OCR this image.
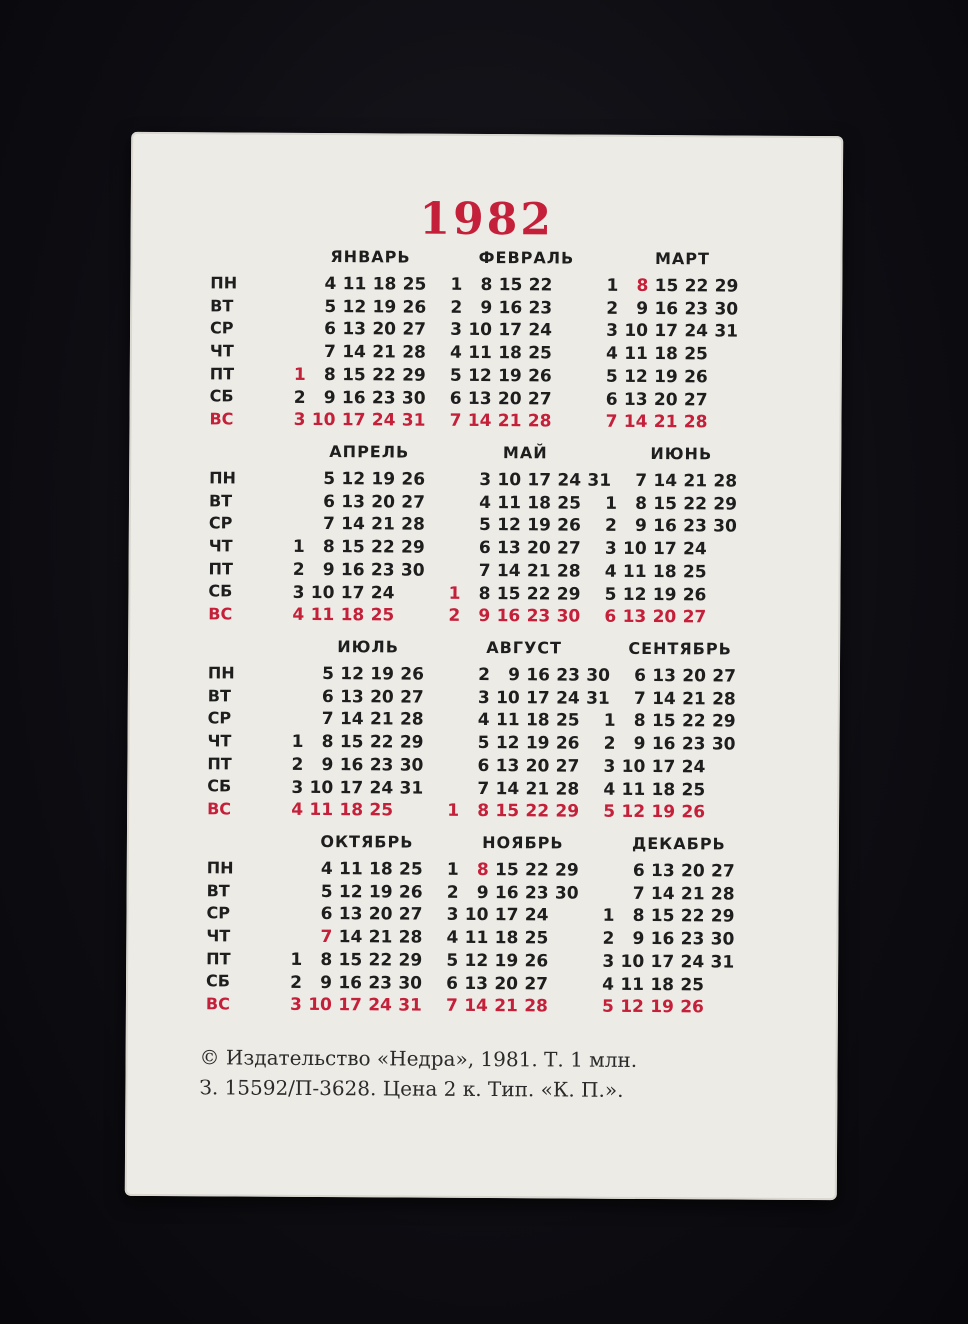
1982
ПН
ВТ
СР
ЧТ
ПТ
СБ
ВС
ЯНВАРЬ
1
2
3
4
5
6
7
8
9
10
11
12
13
14
15
16
17
18
19
20
21
22
23
24
25
26
27
28
29
30
31
ФЕВРАЛЬ
1
2
3
4
5
6
7
8
9
10
11
12
13
14
15
16
17
18
19
20
21
22
23
24
25
26
27
28
МАРТ
1
2
3
4
5
6
7
8
9
10
11
12
13
14
15
16
17
18
19
20
21
22
23
24
25
26
27
28
29
30
31
ПН
ВТ
СР
ЧТ
ПТ
СБ
ВС
АПРЕЛЬ
1
2
3
4
5
6
7
8
9
10
11
12
13
14
15
16
17
18
19
20
21
22
23
24
25
26
27
28
29
30
МАЙ
1
2
3
4
5
6
7
8
9
10
11
12
13
14
15
16
17
18
19
20
21
22
23
24
25
26
27
28
29
30
31
ИЮНЬ
1
2
3
4
5
6
7
8
9
10
11
12
13
14
15
16
17
18
19
20
21
22
23
24
25
26
27
28
29
30
ПН
ВТ
СР
ЧТ
ПТ
СБ
ВС
ИЮЛЬ
1
2
3
4
5
6
7
8
9
10
11
12
13
14
15
16
17
18
19
20
21
22
23
24
25
26
27
28
29
30
31
АВГУСТ
1
2
3
4
5
6
7
8
9
10
11
12
13
14
15
16
17
18
19
20
21
22
23
24
25
26
27
28
29
30
31
СЕНТЯБРЬ
1
2
3
4
5
6
7
8
9
10
11
12
13
14
15
16
17
18
19
20
21
22
23
24
25
26
27
28
29
30
ПН
ВТ
СР
ЧТ
ПТ
СБ
ВС
ОКТЯБРЬ
1
2
3
4
5
6
7
8
9
10
11
12
13
14
15
16
17
18
19
20
21
22
23
24
25
26
27
28
29
30
31
НОЯБРЬ
1
2
3
4
5
6
7
8
9
10
11
12
13
14
15
16
17
18
19
20
21
22
23
24
25
26
27
28
29
30
ДЕКАБРЬ
1
2
3
4
5
6
7
8
9
10
11
12
13
14
15
16
17
18
19
20
21
22
23
24
25
26
27
28
29
30
31
© Издательство «Недра», 1981. Т. 1 млн.
З. 15592/П-3628. Цена 2 к. Тип. «К. П.».
